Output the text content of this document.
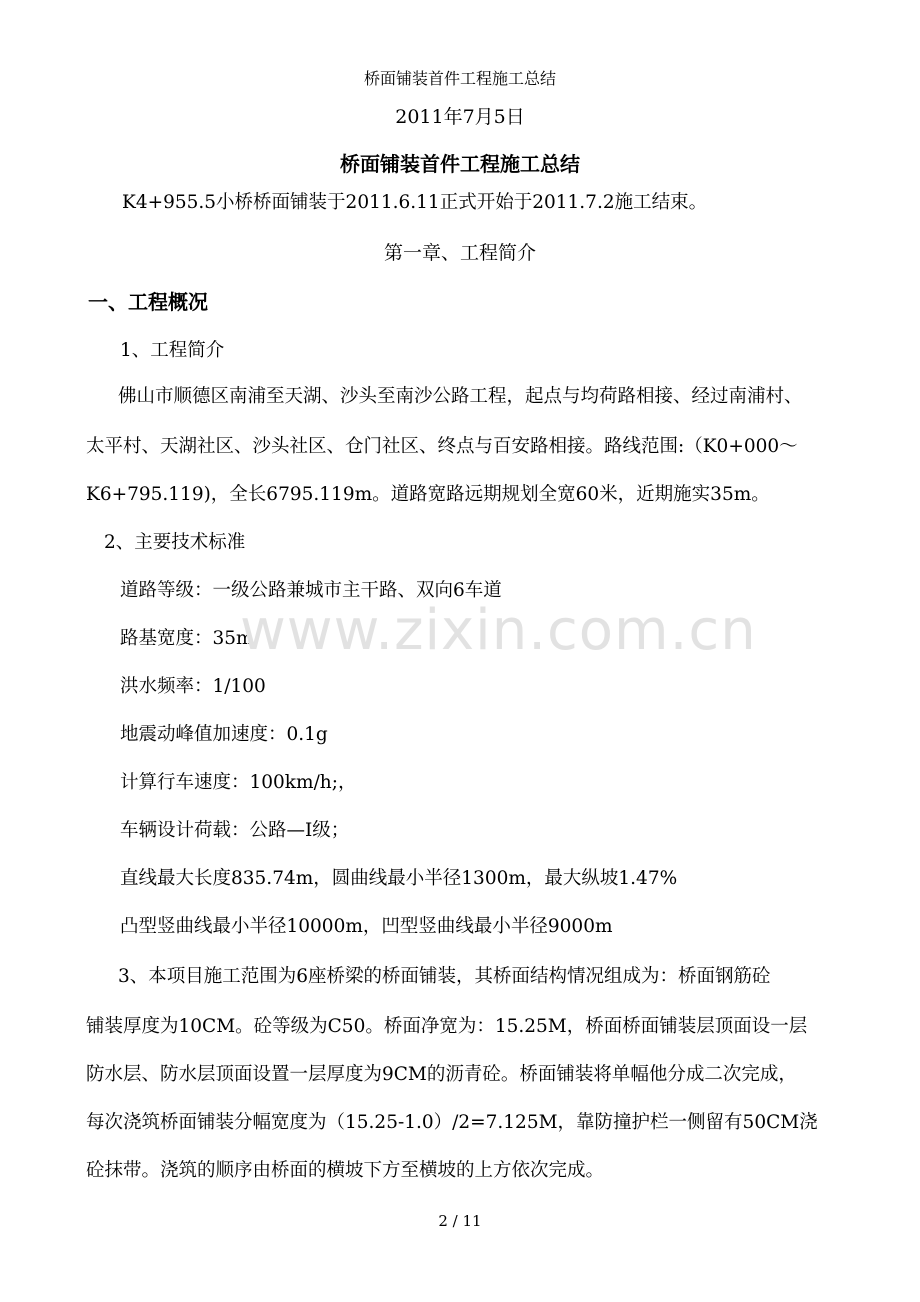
桥面铺装首件工程施工总结
2011年7月5日
桥面铺装首件工程施工总结
K4+955.5小桥桥面铺装于2011.6.11正式开始于2011.7.2施工结束。
第一章、工程简介
一、工程概况
1、工程简介
佛山市顺德区南浦至天湖、沙头至南沙公路工程，起点与均荷路相接、经过南浦村、
太平村、天湖社区、沙头社区、仓门社区、终点与百安路相接。路线范围:（K0+000～
K6+795.119)，全长6795.119m。道路宽路远期规划全宽60米，近期施实35m。
2、主要技术标准
道路等级：一级公路兼城市主干路、双向6车道
路基宽度：35m
洪水频率：1/100
地震动峰值加速度：0.1g
计算行车速度：100km/h;，
车辆设计荷载：公路—Ⅰ级；
直线最大长度835.74m，圆曲线最小半径1300m，最大纵坡1.47%
凸型竖曲线最小半径10000m，凹型竖曲线最小半径9000m
3、本项目施工范围为6座桥梁的桥面铺装，其桥面结构情况组成为：桥面钢筋砼
铺装厚度为10CM。砼等级为C50。桥面净宽为：15.25M，桥面桥面铺装层顶面设一层
防水层、防水层顶面设置一层厚度为9CM的沥青砼。桥面铺装将单幅他分成二次完成，
每次浇筑桥面铺装分幅宽度为（15.25-1.0）/2=7.125M，靠防撞护栏一侧留有50CM浇
砼抹带。浇筑的顺序由桥面的横坡下方至横坡的上方依次完成。
www.zixin.com.cn
2 / 11
